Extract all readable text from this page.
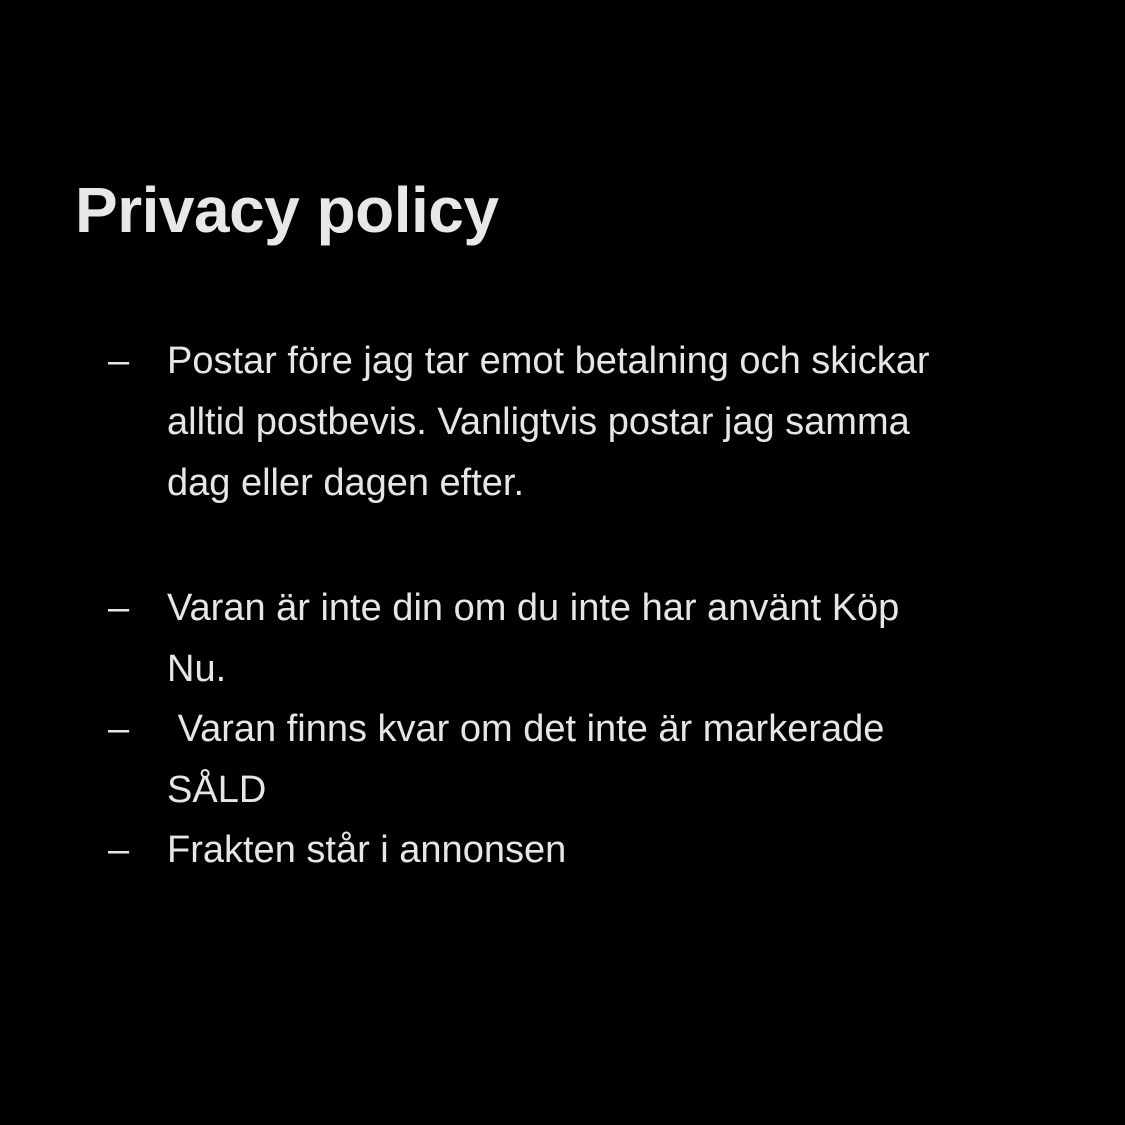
Privacy policy
– Postar före jag tar emot betalning och skickar
alltid postbevis. Vanligtvis postar jag samma
dag eller dagen efter.

– Varan är inte din om du inte har använt Köp
Nu.

– Varan finns kvar om det inte är markerade
SÅLD

– Frakten står i annonsen
